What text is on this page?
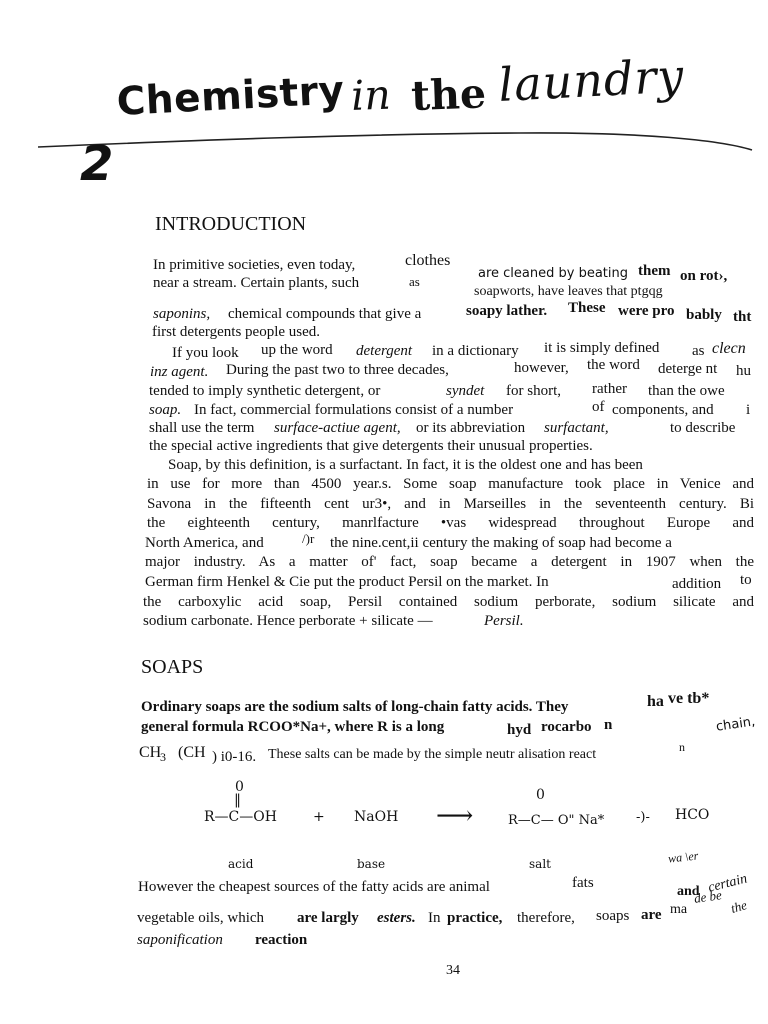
Chemistry in the laundry
2
INTRODUCTION
In primitive societies, even today,	clothes
are cleaned by beating them on rot›,
near a stream. Certain plants, such	as
soapworts, have leaves that ptgqg
saponins, chemical compounds that give a	soapy lather. These were pro bably tht
first detergents people used.
If you look up the word detergent in a dictionary it is simply defined as clecn
inz agent. During the past two to three decades,	however, the word deterge nt hu
tended to imply synthetic detergent, or	syndet for short, rather than the owe
soap. In fact, commercial formulations consist of a number	of components, and i
shall use the term surface-actiue agent, or its abbreviation surfactant,	to describe
the special active ingredients that give detergents their unusual properties.
Soap, by this definition, is a surfactant. In fact, it is the oldest one and has been
in use for more than 4500 year.s. Some soap manufacture took place in Venice and
Savona in the fifteenth cent ur3•, and in Marseilles in the seventeenth century. Bi
the eighteenth century, manrlfacture •vas widespread throughout Europe and
North America, and	/)r the nine.cent,ii century the making of soap had become a
major industry. As a matter of' fact, soap became a detergent in 1907 when the
German firm Henkel & Cie put the product Persil on the market. In	addition to
the carboxylic acid soap, Persil contained sodium perborate, sodium silicate and
sodium carbonate. Hence perborate + silicate —	Persil.
SOAPS
Ordinary soaps are the sodium salts of long-chain fatty acids. They	ha ve tb*
general formula RCOO*Na+, where R is a long	hyd rocarbo n	chain,
CH
3 (CH ) i0-16. These salts can be made by the simple neutr alisation react	n
0
‖
R—C—OH	+ NaOH ⟶
0
R—C— O" Na* -)- HCO
acid	base	salt
However the cheapest sources of the fatty acids are animal	fats
and certain
de be
the
ma
wa \er
vegetable oils, which are largly esters. In practice, therefore, soaps are
saponification reaction
34
